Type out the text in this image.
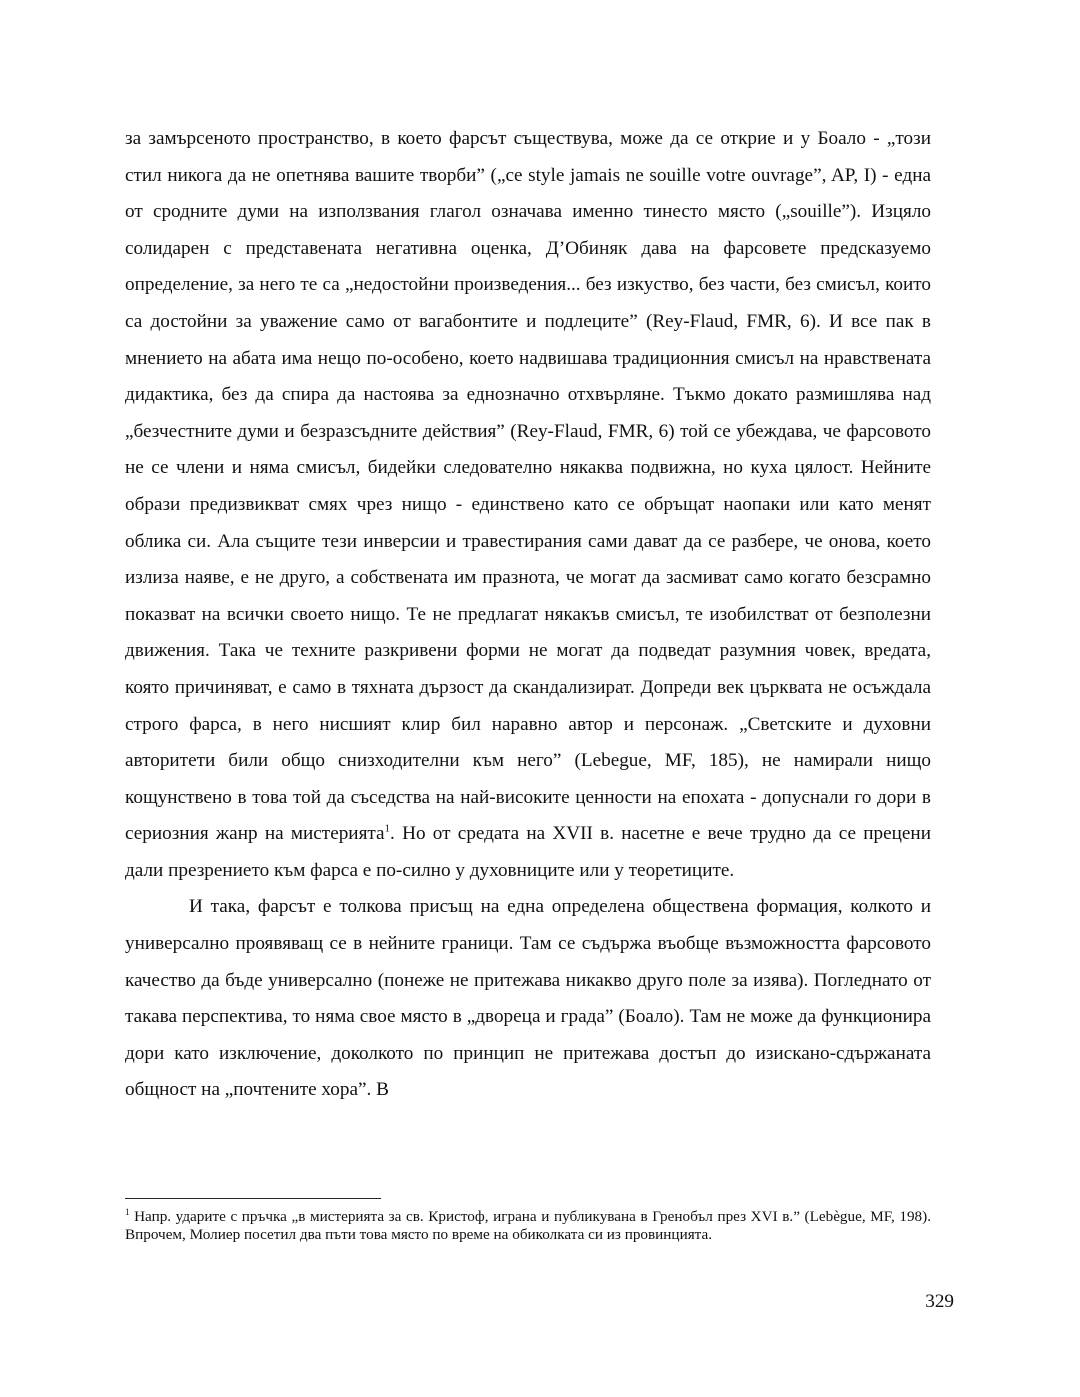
за замърсеното пространство, в което фарсът съществува, може да се открие и у Боало - „този стил никога да не опетнява вашите творби” („ce style jamais ne souille votre ouvrage”, AP, I) - една от сродните думи на използвания глагол означава именно тинесто място („souille”). Изцяло солидарен с представената негативна оценка, Д’Обиняк дава на фарсовете предсказуемо определение, за него те са „недостойни произведения... без изкуство, без части, без смисъл, които са достойни за уважение само от вагабонтите и подлеците” (Rey-Flaud, FMR, 6). И все пак в мнението на абата има нещо по-особено, което надвишава традиционния смисъл на нравствената дидактика, без да спира да настоява за еднозначно отхвърляне. Тъкмо докато размишлява над „безчестните думи и безразсъдните действия” (Rey-Flaud, FMR, 6) той се убеждава, че фарсовото не се члени и няма смисъл, бидейки следователно някаква подвижна, но куха цялост. Нейните образи предизвикват смях чрез нищо - единствено като се обръщат наопаки или като менят облика си. Ала същите тези инверсии и травестирания сами дават да се разбере, че онова, което излиза наяве, е не друго, а собствената им празнота, че могат да засмиват само когато безсрамно показват на всички своето нищо. Те не предлагат някакъв смисъл, те изобилстват от безполезни движения. Така че техните разкривени форми не могат да подведат разумния човек, вредата, която причиняват, е само в тяхната дързост да скандализират. Допреди век църквата не осъждала строго фарса, в него нисшият клир бил наравно автор и персонаж. „Светските и духовни авторитети били общо снизходителни към него” (Lebegue, MF, 185), не намирали нищо кощунствено в това той да съседства на най-високите ценности на епохата - допуснали го дори в сериозния жанр на мистерията$^1$. Но от средата на XVII в. насетне е вече трудно да се прецени дали презрението към фарса е по-силно у духовниците или у теоретиците.

И така, фарсът е толкова присъщ на една определена обществена формация, колкото и универсално проявяващ се в нейните граници. Там се съдържа въобще възможността фарсовото качество да бъде универсално (понеже не притежава никакво друго поле за изява). Погледнато от такава перспектива, то няма свое място в „двореца и града” (Боало). Там не може да функционира дори като изключение, доколкото по принцип не притежава достъп до изискано-сдържаната общност на „почтените хора”. В

$^1$ Напр. ударите с пръчка „в мистерията за св. Кристоф, играна и публикувана в Гренобъл през XVI в.” (Lebègue, MF, 198). Впрочем, Молиер посетил два пъти това място по време на обиколката си из провинцията.

329
